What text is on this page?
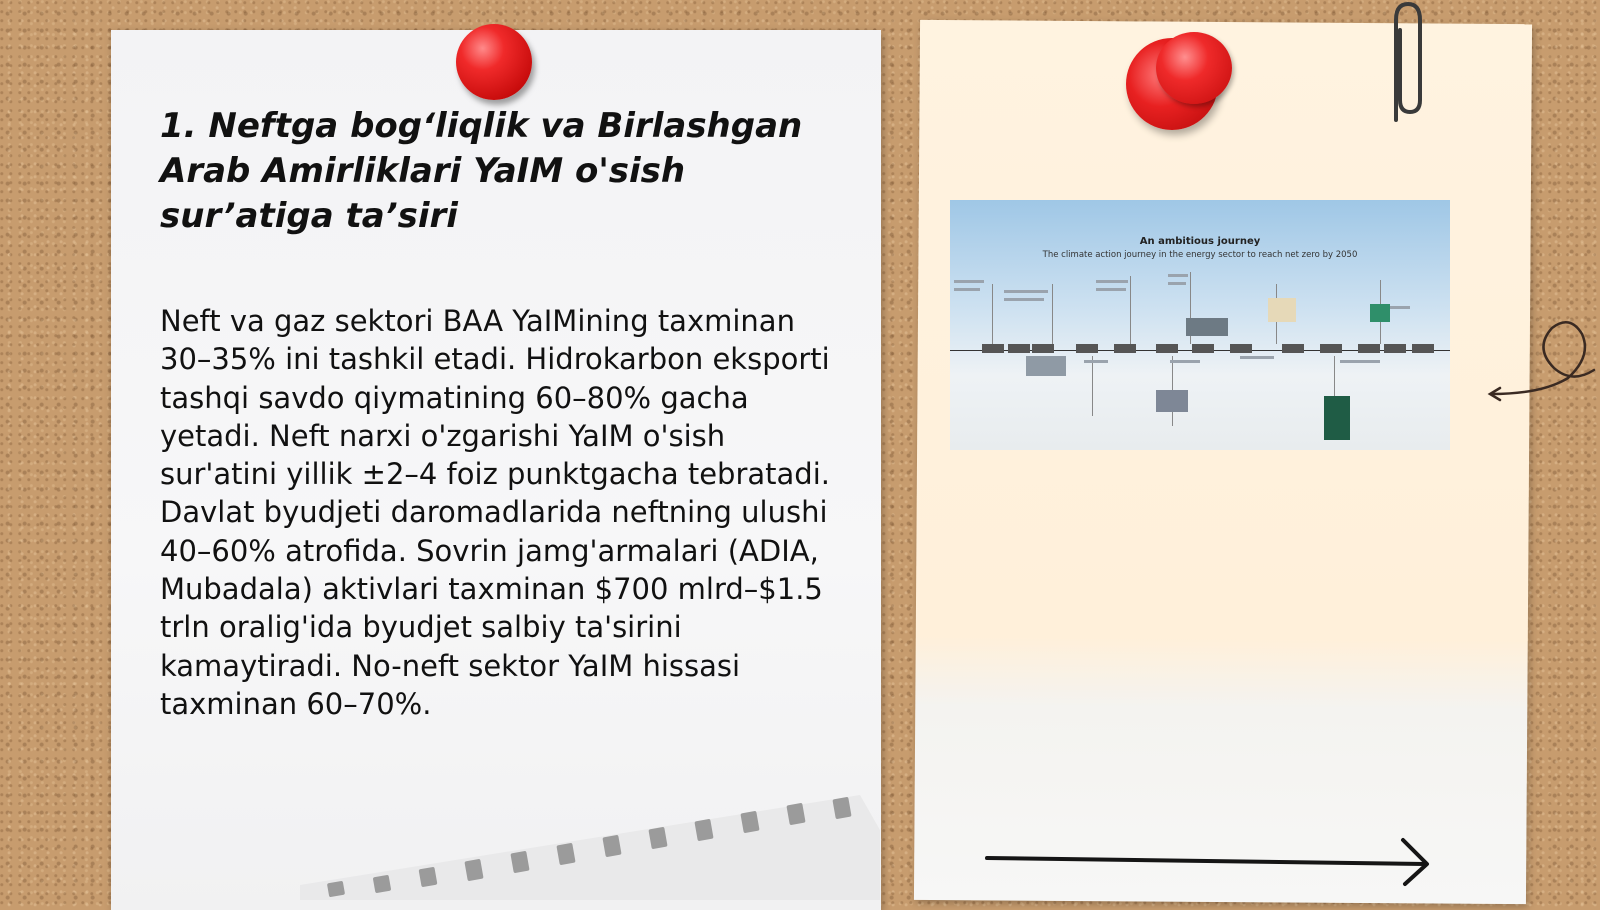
1. Neftga bog‘liqlik va Birlashgan Arab Amirliklari YaIM o'sish sur’atiga ta’siri

Neft va gaz sektori BAA YaIMining taxminan 30–35% ini tashkil etadi. Hidrokarbon eksporti tashqi savdo qiymatining 60–80% gacha yetadi. Neft narxi o'zgarishi YaIM o'sish sur'atini yillik ±2–4 foiz punktgacha tebratadi. Davlat byudjeti daromadlarida neftning ulushi 40–60% atrofida. Sovrin jamg'armalari (ADIA, Mubadala) aktivlari taxminan $700 mlrd–$1.5 trln oralig'ida byudjet salbiy ta'sirini kamaytiradi. No-neft sektor YaIM hissasi taxminan 60–70%.

An ambitious journey
The climate action journey in the energy sector to reach net zero by 2050
